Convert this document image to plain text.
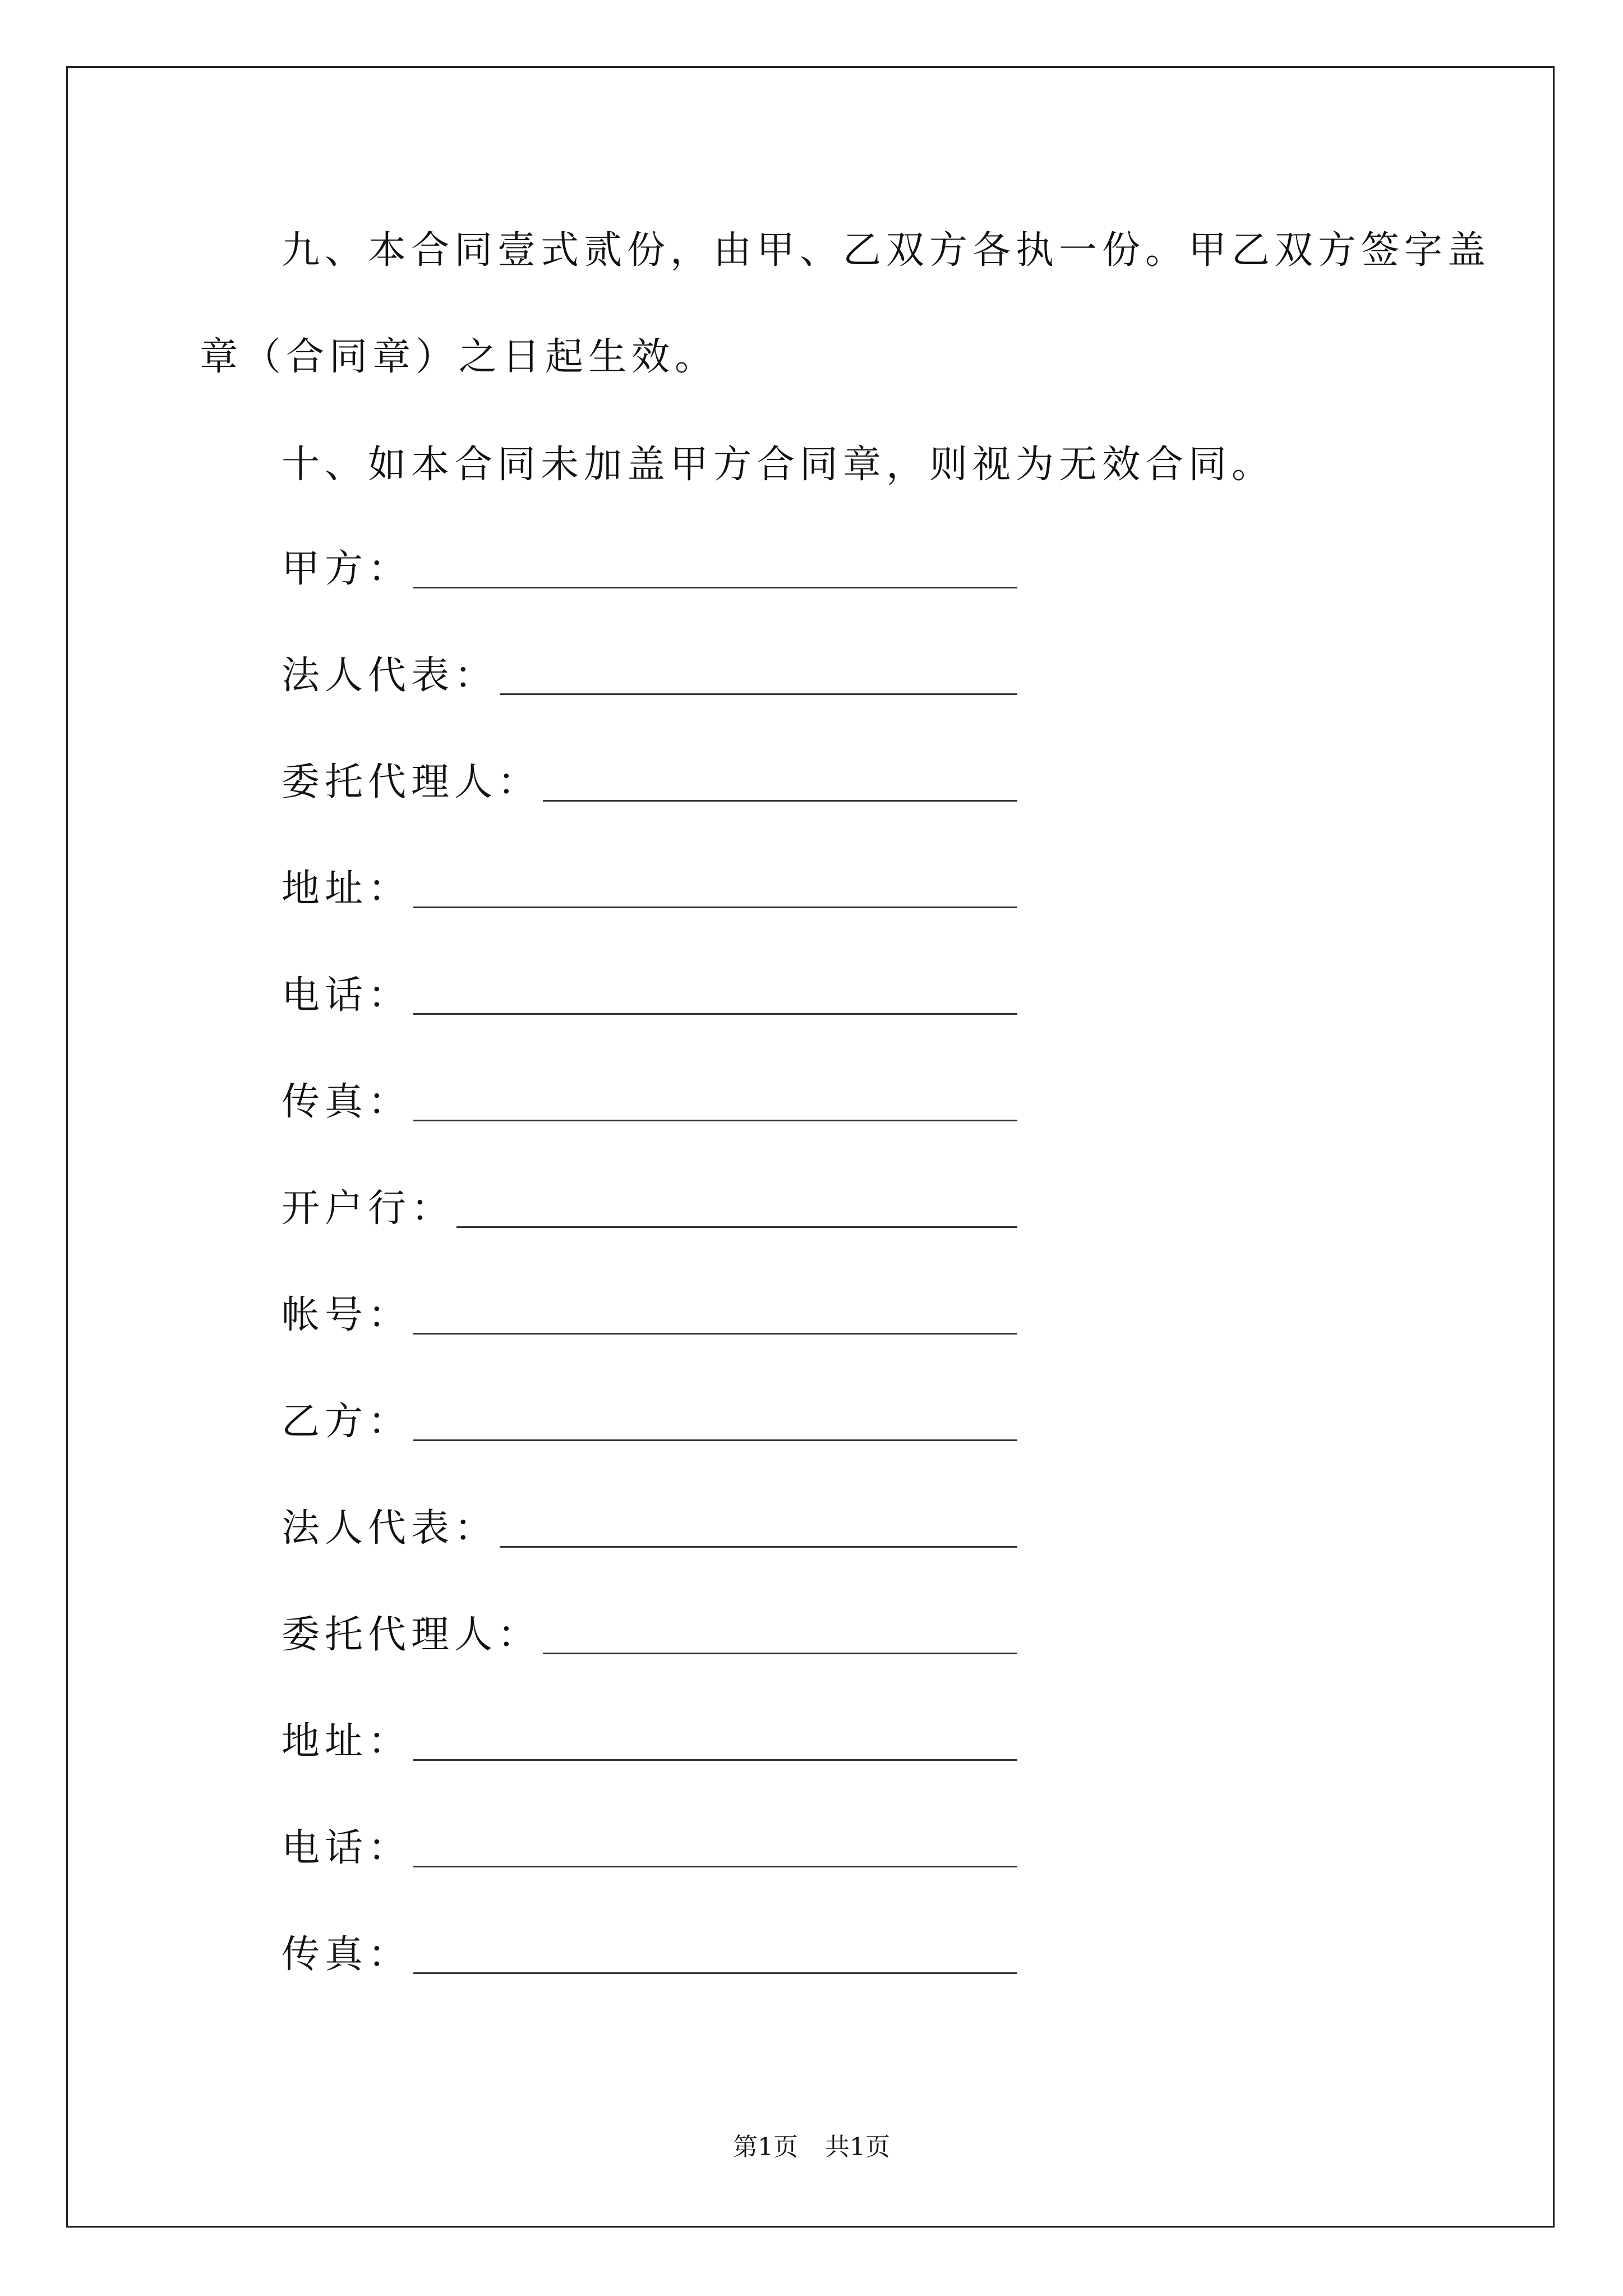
九、本合同壹式贰份，由甲、乙双方各执一份。甲乙双方签字盖
章（合同章）之日起生效。
十、如本合同未加盖甲方合同章，则视为无效合同。
甲方：
法人代表：
委托代理人：
地址：
电话：
传真：
开户行：
帐号：
乙方：
法人代表：
委托代理人：
地址：
电话：
传真：
第1页 共1页
